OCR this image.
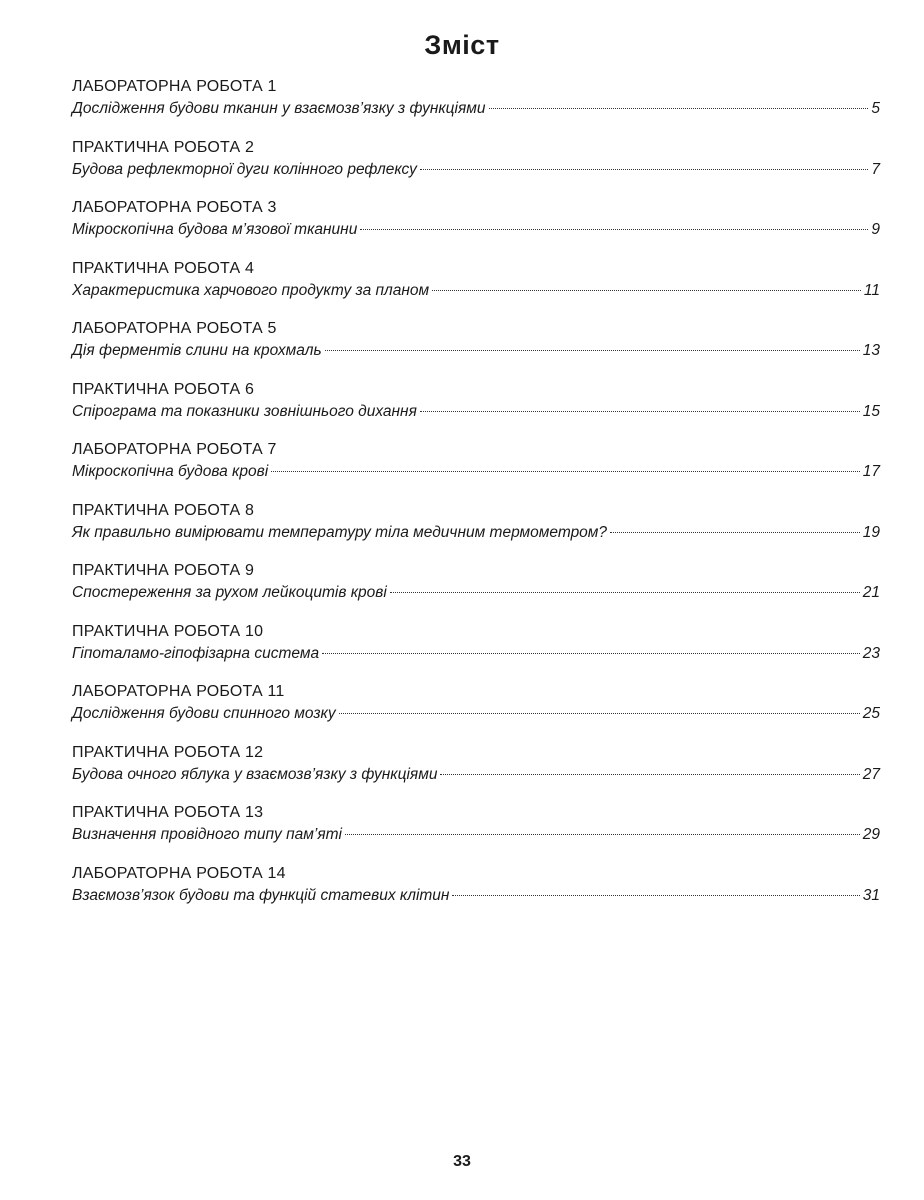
Зміст
ЛАБОРАТОРНА РОБОТА 1
Дослідження будови тканин у взаємозв’язку з функціями	5
ПРАКТИЧНА РОБОТА 2
Будова рефлекторної дуги колінного рефлексу	7
ЛАБОРАТОРНА РОБОТА 3
Мікроскопічна будова м’язової тканини	9
ПРАКТИЧНА РОБОТА 4
Характеристика харчового продукту за планом	11
ЛАБОРАТОРНА РОБОТА 5
Дія ферментів слини на крохмаль	13
ПРАКТИЧНА РОБОТА 6
Спірограма та показники зовнішнього дихання	15
ЛАБОРАТОРНА РОБОТА 7
Мікроскопічна будова крові	17
ПРАКТИЧНА РОБОТА 8
Як правильно вимірювати температуру тіла медичним термометром?	19
ПРАКТИЧНА РОБОТА 9
Спостереження за рухом лейкоцитів крові	21
ПРАКТИЧНА РОБОТА 10
Гіпоталамо-гіпофізарна система	23
ЛАБОРАТОРНА РОБОТА 11
Дослідження будови спинного мозку	25
ПРАКТИЧНА РОБОТА 12
Будова очного яблука у взаємозв’язку з функціями	27
ПРАКТИЧНА РОБОТА 13
Визначення провідного типу пам’яті	29
ЛАБОРАТОРНА РОБОТА 14
Взаємозв’язок будови та функцій статевих клітин	31
33
